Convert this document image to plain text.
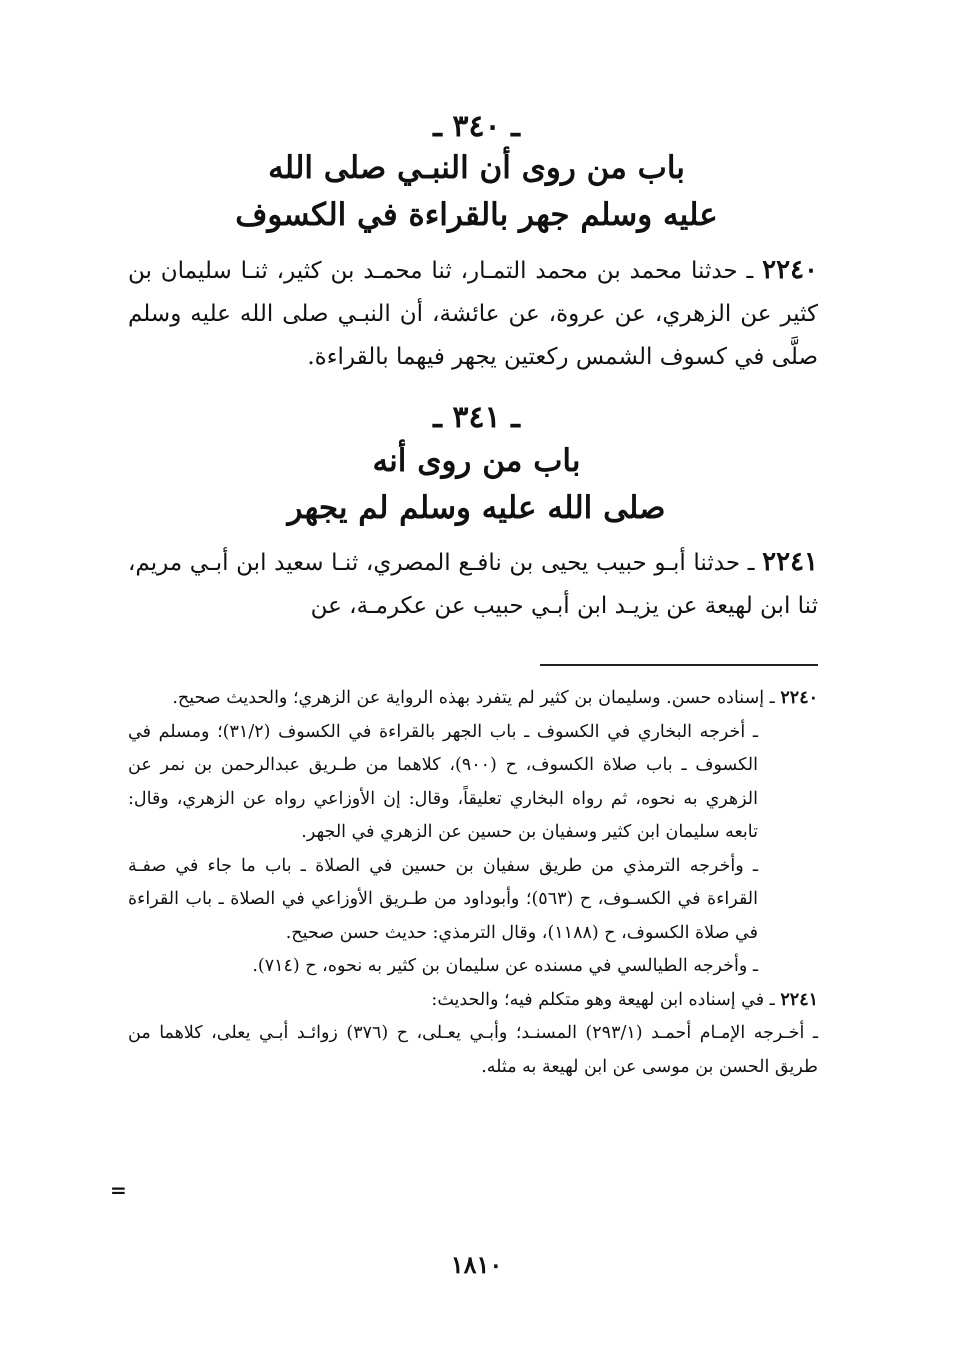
ـ ٣٤٠ ـ
باب من روى أن النبـي صلى الله
عليه وسلم جهر بالقراءة في الكسوف
٢٢٤٠ ـ حدثنا محمد بن محمد التمـار، ثنا محمـد بن كثير، ثنـا سليمان بن كثير عن الزهري، عن عروة، عن عائشة، أن النبـي صلى الله عليه وسلم صلَّى في كسوف الشمس ركعتين يجهر فيهما بالقراءة.
ـ ٣٤١ ـ
باب من روى أنه
صلى الله عليه وسلم لم يجهر
٢٢٤١ ـ حدثنا أبـو حبيب يحيى بن نافـع المصري، ثنـا سعيد ابن أبـي مريم، ثنا ابن لهيعة عن يزيـد ابن أبـي حبيب عن عكرمـة، عن
٢٢٤٠ ـ إسناده حسن. وسليمان بن كثير لم يتفرد بهذه الرواية عن الزهري؛ والحديث صحيح.
ـ أخرجه البخاري في الكسوف ـ باب الجهر بالقراءة في الكسوف (٣١/٢)؛ ومسلم في الكسوف ـ باب صلاة الكسوف، ح (٩٠٠)، كلاهما من طـريق عبدالرحمن بن نمر عن الزهري به نحوه، ثم رواه البخاري تعليقاً، وقال: إن الأوزاعي رواه عن الزهري، وقال: تابعه سليمان ابن كثير وسفيان بن حسين عن الزهري في الجهر.
ـ وأخرجه الترمذي من طريق سفيان بن حسين في الصلاة ـ باب ما جاء في صفـة القراءة في الكسـوف، ح (٥٦٣)؛ وأبوداود من طـريق الأوزاعي في الصلاة ـ باب القراءة في صلاة الكسوف، ح (١١٨٨)، وقال الترمذي: حديث حسن صحيح.
ـ وأخرجه الطيالسي في مسنده عن سليمان بن كثير به نحوه، ح (٧١٤).
٢٢٤١ ـ في إسناده ابن لهيعة وهو متكلم فيه؛ والحديث:
ـ أخـرجه الإمـام أحمـد (٢٩٣/١) المسنـد؛ وأبـي يعـلى، ح (٣٧٦) زوائـد أبـي يعلى، كلاهما من طريق الحسن بن موسى عن ابن لهيعة به مثله.
=
١٨١٠
